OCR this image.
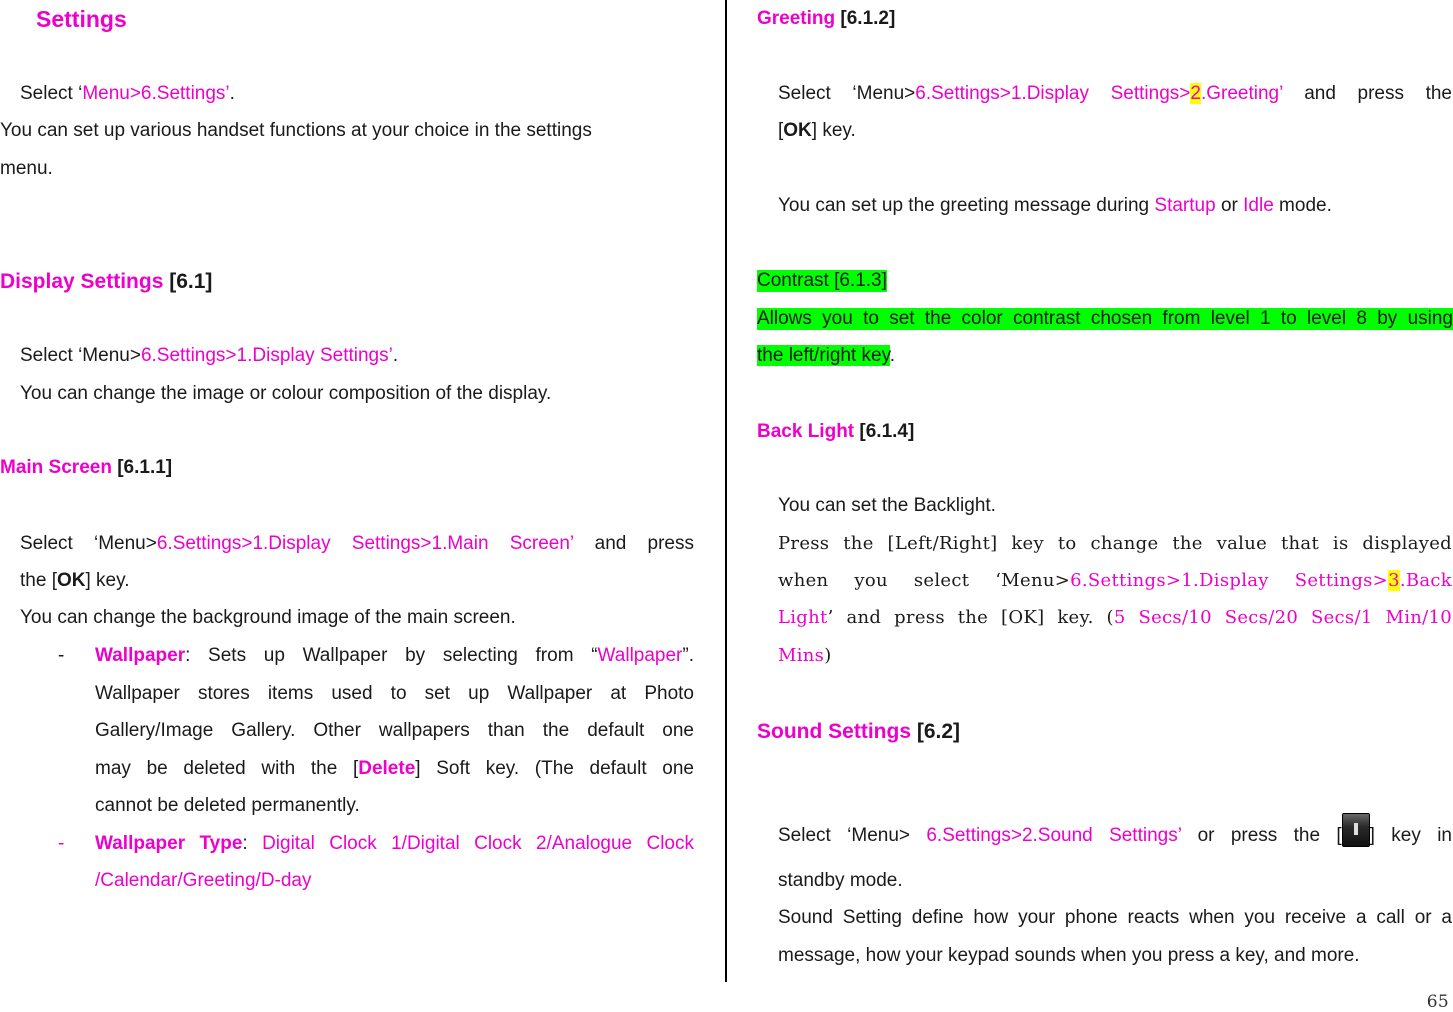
Settings
Select ‘Menu>6.Settings’.
You can set up various handset functions at your choice in the settings
menu.
Display Settings [6.1]
Select ‘Menu>6.Settings>1.Display Settings’.
You can change the image or colour composition of the display.
Main Screen [6.1.1]
Select ‘Menu>6.Settings>1.Display Settings>1.Main Screen’ and press
the [OK] key.
You can change the background image of the main screen.
- Wallpaper: Sets up Wallpaper by selecting from “Wallpaper”.
Wallpaper stores items used to set up Wallpaper at Photo
Gallery/Image Gallery. Other wallpapers than the default one
may be deleted with the [Delete] Soft key. (The default one
cannot be deleted permanently.
- Wallpaper Type: Digital Clock 1/Digital Clock 2/Analogue Clock
/Calendar/Greeting/D-day
Greeting [6.1.2]
Select ‘Menu>6.Settings>1.Display Settings>2.Greeting’ and press the
[OK] key.
You can set up the greeting message during Startup or Idle mode.
Contrast [6.1.3]
Allows you to set the color contrast chosen from level 1 to level 8 by using
the left/right key.
Back Light [6.1.4]
You can set the Backlight.
Press the [Left/Right] key to change the value that is displayed
when you select ‘Menu>6.Settings>1.Display Settings>3.Back
Light’ and press the [OK] key. (5 Secs/10 Secs/20 Secs/1 Min/10
Mins)
Sound Settings [6.2]
Select ‘Menu> 6.Settings>2.Sound Settings’ or press the [ ] key in
standby mode.
Sound Setting define how your phone reacts when you receive a call or a
message, how your keypad sounds when you press a key, and more.
65
